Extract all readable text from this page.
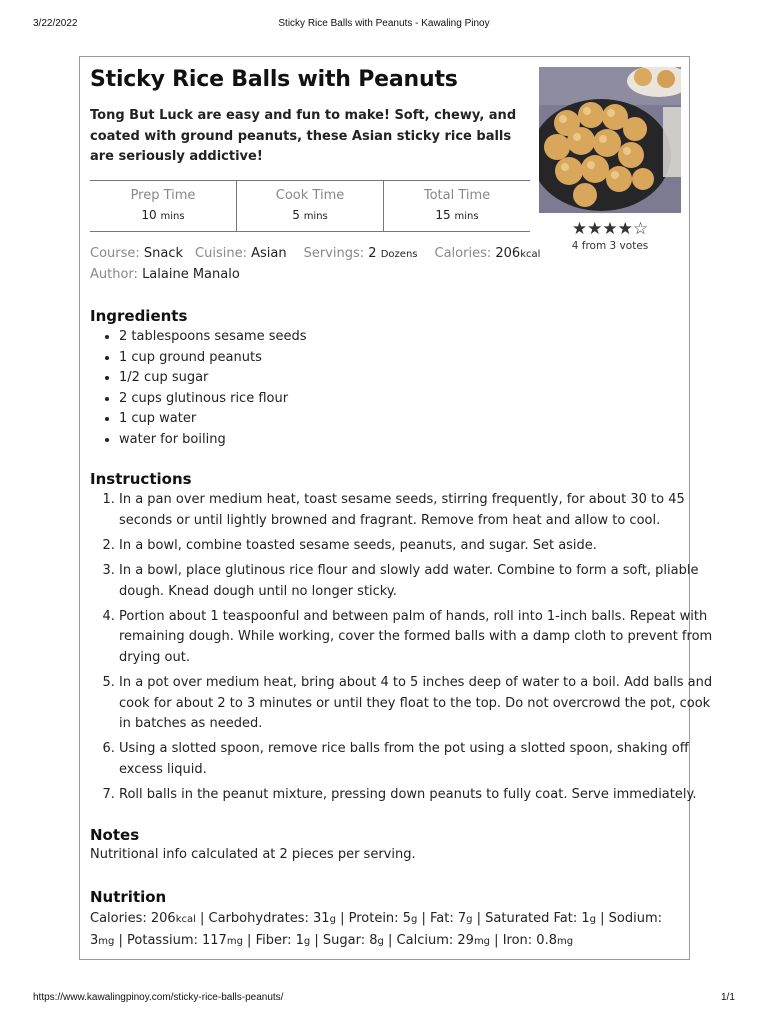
3/22/2022	Sticky Rice Balls with Peanuts - Kawaling Pinoy
Sticky Rice Balls with Peanuts
Tong But Luck are easy and fun to make! Soft, chewy, and coated with ground peanuts, these Asian sticky rice balls are seriously addictive!
★★★★☆
4 from 3 votes
Prep Time
10 mins
Cook Time
5 mins
Total Time
15 mins
Course: Snack Cuisine: Asian Servings: 2 Dozens Calories: 206kcal
Author: Lalaine Manalo
Ingredients
• 2 tablespoons sesame seeds
• 1 cup ground peanuts
• 1/2 cup sugar
• 2 cups glutinous rice flour
• 1 cup water
• water for boiling
Instructions
1. In a pan over medium heat, toast sesame seeds, stirring frequently, for about 30 to 45 seconds or until lightly browned and fragrant. Remove from heat and allow to cool.
2. In a bowl, combine toasted sesame seeds, peanuts, and sugar. Set aside.
3. In a bowl, place glutinous rice flour and slowly add water. Combine to form a soft, pliable dough. Knead dough until no longer sticky.
4. Portion about 1 teaspoonful and between palm of hands, roll into 1-inch balls. Repeat with remaining dough. While working, cover the formed balls with a damp cloth to prevent from drying out.
5. In a pot over medium heat, bring about 4 to 5 inches deep of water to a boil. Add balls and cook for about 2 to 3 minutes or until they float to the top. Do not overcrowd the pot, cook in batches as needed.
6. Using a slotted spoon, remove rice balls from the pot using a slotted spoon, shaking off excess liquid.
7. Roll balls in the peanut mixture, pressing down peanuts to fully coat. Serve immediately.
Notes
Nutritional info calculated at 2 pieces per serving.
Nutrition
Calories: 206kcal | Carbohydrates: 31g | Protein: 5g | Fat: 7g | Saturated Fat: 1g | Sodium: 3mg | Potassium: 117mg | Fiber: 1g | Sugar: 8g | Calcium: 29mg | Iron: 0.8mg
https://www.kawalingpinoy.com/sticky-rice-balls-peanuts/	1/1
